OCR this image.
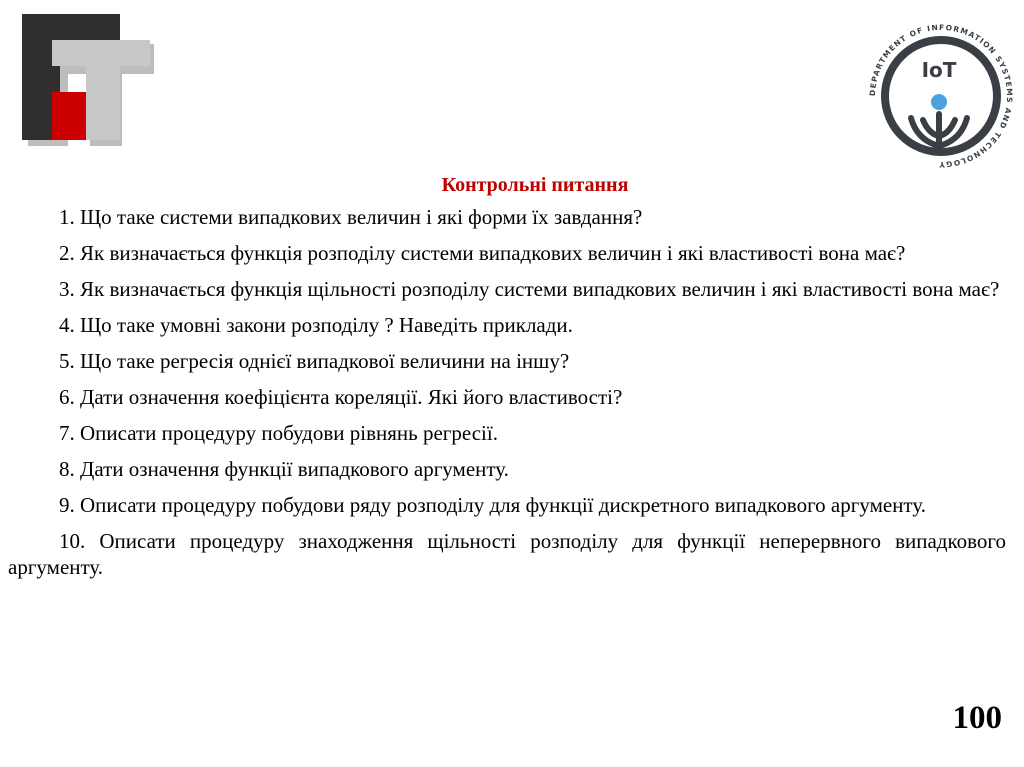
DEPARTMENT OF INFORMATION SYSTEMS AND TECHNOLOGY
IoT
Контрольні питання
1. Що таке системи випадкових величин і які форми їх завдання?
2. Як визначається функція розподілу системи випадкових величин і які властивості вона має?
3. Як визначається функція щільності розподілу системи випадкових величин і які властивості вона має?
4. Що таке умовні закони розподілу ? Наведіть приклади.
5. Що таке регресія однієї випадкової величини на іншу?
6. Дати означення коефіцієнта кореляції. Які його властивості?
7. Описати процедуру побудови рівнянь регресії.
8. Дати означення функції випадкового аргументу.
9. Описати процедуру побудови ряду розподілу для функції дискретного випадкового аргументу.
10. Описати процедуру знаходження щільності розподілу для функції неперервного випадкового аргументу.
100
